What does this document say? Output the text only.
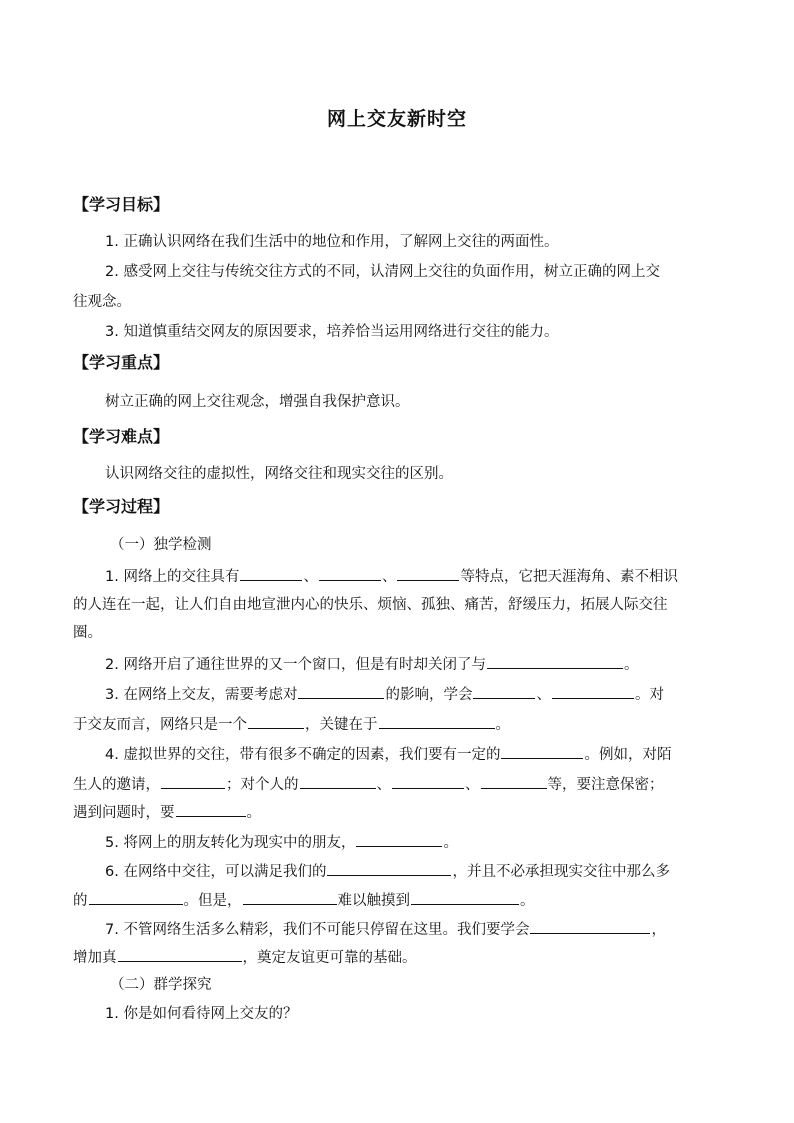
网上交友新时空
【学习目标】
1. 正确认识网络在我们生活中的地位和作用，了解网上交往的两面性。
2. 感受网上交往与传统交往方式的不同，认清网上交往的负面作用，树立正确的网上交
往观念。
3. 知道慎重结交网友的原因要求，培养恰当运用网络进行交往的能力。
【学习重点】
树立正确的网上交往观念，增强自我保护意识。
【学习难点】
认识网络交往的虚拟性，网络交往和现实交往的区别。
【学习过程】
（一）独学检测
1. 网络上的交往具有	、	、	等特点，它把天涯海角、素不相识
的人连在一起，让人们自由地宣泄内心的快乐、烦恼、孤独、痛苦，舒缓压力，拓展人际交往
圈。
2. 网络开启了通往世界的又一个窗口，但是有时却关闭了与	。
3. 在网络上交友，需要考虑对	的影响，学会	、	。对
于交友而言，网络只是一个	，关键在于	。
4. 虚拟世界的交往，带有很多不确定的因素，我们要有一定的	。例如，对陌
生人的邀请，	；对个人的	、	、	等，要注意保密；
遇到问题时，要	。
5. 将网上的朋友转化为现实中的朋友，	。
6. 在网络中交往，可以满足我们的	，并且不必承担现实交往中那么多
的	。但是，	难以触摸到	。
7. 不管网络生活多么精彩，我们不可能只停留在这里。我们要学会	，
增加真	，奠定友谊更可靠的基础。
（二）群学探究
1. 你是如何看待网上交友的？
